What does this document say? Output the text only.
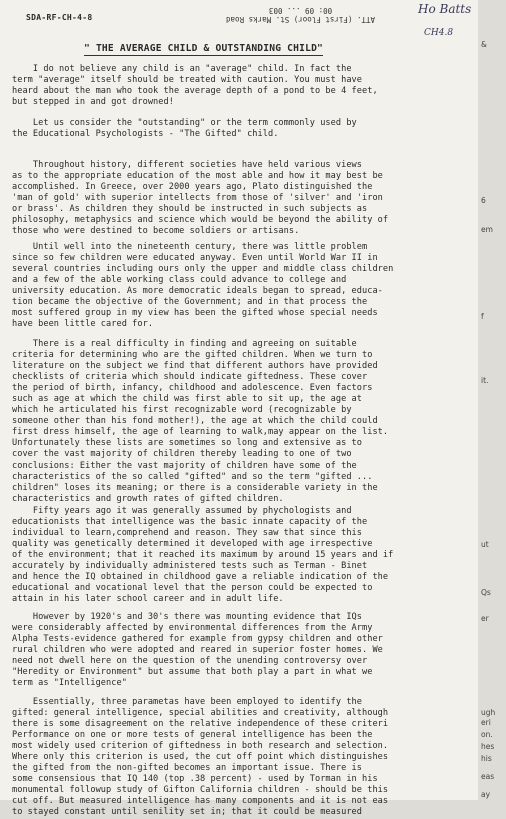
SDA-RF-CH-4-8	ATT. (First Floor) St. Marks Road
00: 09 ... 003	Ho Batts
CH4.8
" THE AVERAGE CHILD & OUTSTANDING CHILD"
I do not believe any child is an "average" child. In fact the
term "average" itself should be treated with caution. You must have
heard about the man who took the average depth of a pond to be 4 feet,
but stepped in and got drowned!
Let us consider the "outstanding" or the term commonly used by
the Educational Psychologists - "The Gifted" child.
Throughout history, different societies have held various views
as to the appropriate education of the most able and how it may best be
accomplished. In Greece, over 2000 years ago, Plato distinguished the
'man of gold' with superior intellects from those of 'silver' and 'iron
or brass'. As children they should be instructed in such subjects as
philosophy, metaphysics and science which would be beyond the ability of
those who were destined to become soldiers or artisans.
Until well into the nineteenth century, there was little problem
since so few children were educated anyway. Even until World War II in
several countries including ours only the upper and middle class children
and a few of the able working class could advance to college and
university education. As more democratic ideals began to spread, educa-
tion became the objective of the Government; and in that process the
most suffered group in my view has been the gifted whose special needs
have been little cared for.
There is a real difficulty in finding and agreeing on suitable
criteria for determining who are the gifted children. When we turn to
literature on the subject we find that different authors have provided
checklists of criteria which should indicate giftedness. These cover
the period of birth, infancy, childhood and adolescence. Even factors
such as age at which the child was first able to sit up, the age at
which he articulated his first recognizable word (recognizable by
someone other than his fond mother!), the age at which the child could
first dress himself, the age of learning to walk,may appear on the list.
Unfortunately these lists are sometimes so long and extensive as to
cover the vast majority of children thereby leading to one of two
conclusions: Either the vast majority of children have some of the
characteristics of the so called "gifted" and so the term "gifted ...
children" loses its meaning; or there is a considerable variety in the
characteristics and growth rates of gifted children.
Fifty years ago it was generally assumed by phychologists and
educationists that intelligence was the basic innate capacity of the
individual to learn,comprehend and reason. They saw that since this
quality was genetically determined it developed with age irrespective
of the environment; that it reached its maximum by around 15 years and if
accurately by individually administered tests such as Terman - Binet
and hence the IQ obtained in childhood gave a reliable indication of the
educational and vocational level that the person could be expected to
attain in his later school career and in adult life.
However by 1920's and 30's there was mounting evidence that IQs
were considerably affected by environmental differences from the Army
Alpha Tests-evidence gathered for example from gypsy children and other
rural children who were adopted and reared in superior foster homes. We
need not dwell here on the question of the unending controversy over
"Heredity or Environment" but assume that both play a part in what we
term as "Intelligence"
Essentially, three parametas have been employed to identify the
gifted: general intelligence, special abilities and creativity, although
there is some disagreement on the relative independence of these criteri
Performance on one or more tests of general intelligence has been the
most widely used criterion of giftedness in both research and selection.
Where only this criterion is used, the cut off point which distinguishes
the gifted from the non-gifted becomes an important issue. There is
some consensious that IQ 140 (top .38 percent) - used by Torman in his
monumental followup study of Gifton California children - should be this
cut off. But measured intelligence has many components and it is not eas
to stayed constant until senility set in; that it could be measured
&
6
em
f
it.
ut
Qs
er
ugh
eri
on.
hes
his
eas
ay
